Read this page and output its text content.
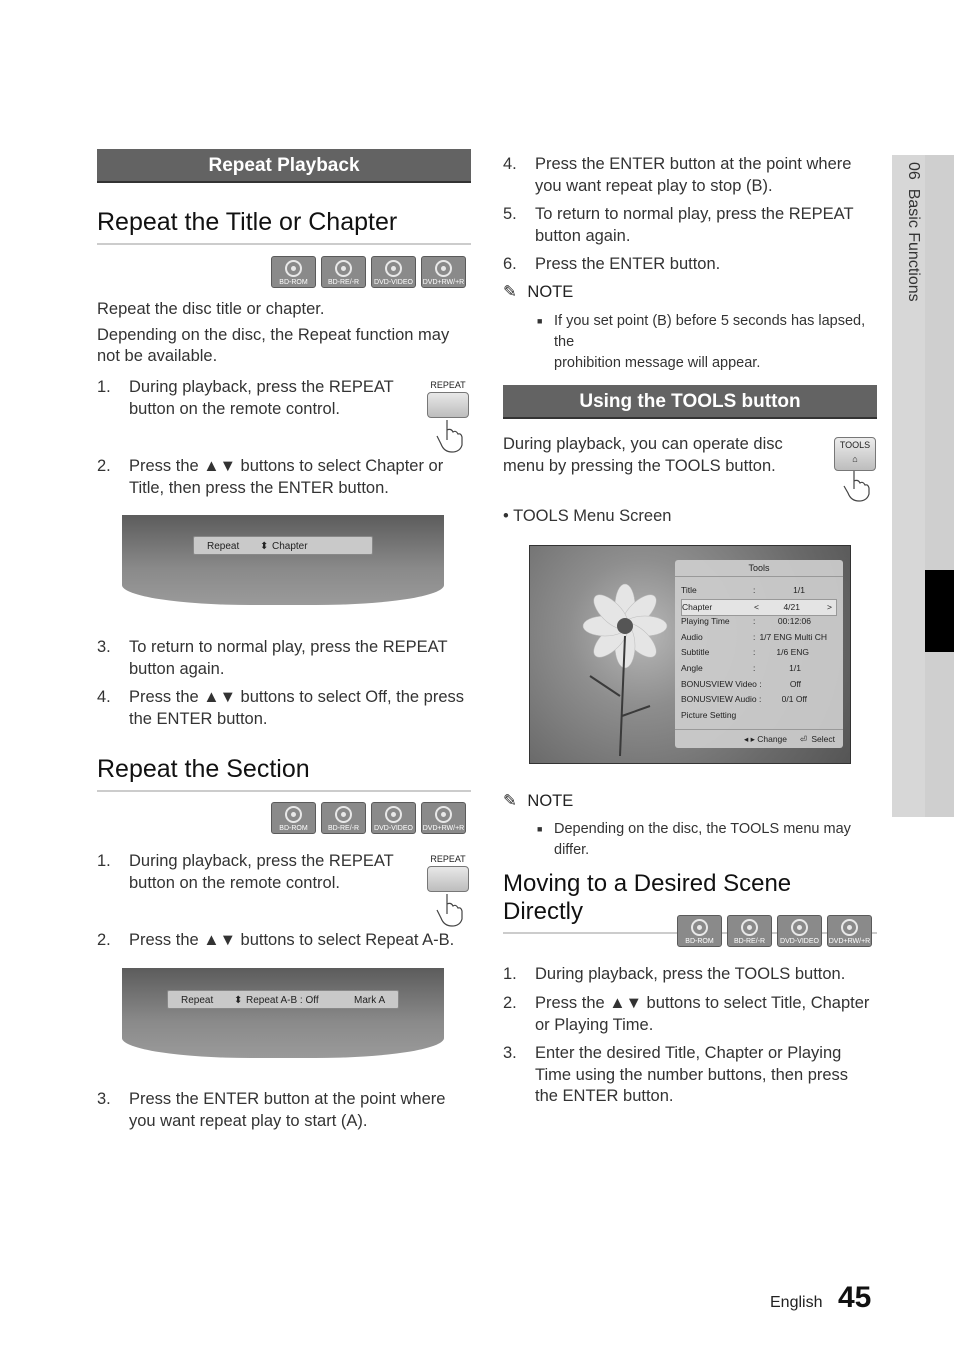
06  Basic Functions
Repeat Playback
Repeat the Title or Chapter
BD-ROM	BD-RE/-R	DVD-VIDEO DVD+RW/+R
Repeat the disc title or chapter.
Depending on the disc, the Repeat function may
not be available.
1. During playback, press the REPEAT
button on the remote control.
REPEAT
2. Press the ▲▼ buttons to select Chapter or
Title, then press the ENTER button.
Repeat ⬍ Chapter
3. To return to normal play, press the REPEAT
button again.
4. Press the ▲▼ buttons to select Off, the press
the ENTER button.
Repeat the Section
BD-ROM	BD-RE/-R	DVD-VIDEO DVD+RW/+R
1. During playback, press the REPEAT
button on the remote control.
REPEAT
2. Press the ▲▼ buttons to select Repeat A-B.
Repeat ⬍ Repeat A-B : Off	Mark A
3. Press the ENTER button at the point where
you want repeat play to start (A).
4. Press the ENTER button at the point where
you want repeat play to stop (B).
5. To return to normal play, press the REPEAT
button again.
6. Press the ENTER button.
✎ NOTE
■ If you set point (B) before 5 seconds has lapsed, the
prohibition message will appear.
Using the TOOLS button
During playback, you can operate disc
menu by pressing the TOOLS button.
TOOLS
⌂
• TOOLS Menu Screen
Tools
Title	:	1/1
Chapter	<	4/21	>
Playing Time	:	00:12:06
Audio	: 1/7 ENG Multi CH
Subtitle	: 1/6 ENG
Angle	:	1/1
BONUSVIEW Video :	Off
BONUSVIEW Audio : 0/1 Off
Picture Setting
◂ ▸ Change ⏎ Select
✎ NOTE
■ Depending on the disc, the TOOLS menu may differ.
Moving to a Desired Scene Directly
BD-ROM	BD-RE/-R	DVD-VIDEO DVD+RW/+R
1. During playback, press the TOOLS button.
2. Press the ▲▼ buttons to select Title, Chapter
or Playing Time.
3. Enter the desired Title, Chapter or Playing
Time using the number buttons, then press
the ENTER button.
English 45
